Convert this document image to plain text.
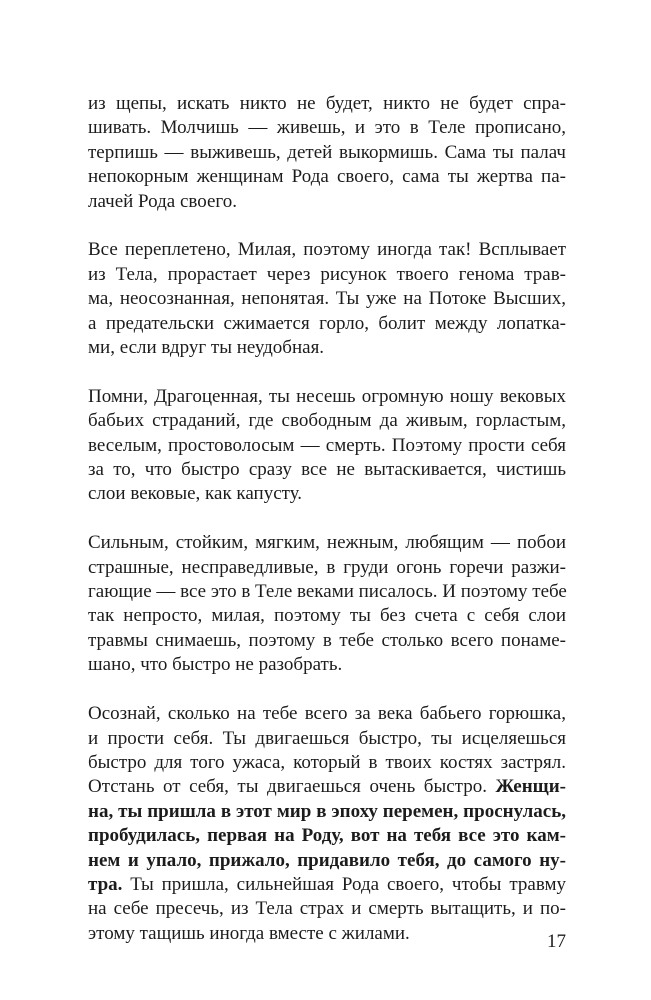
из щепы, искать никто не будет, никто не будет спра-
шивать. Молчишь — живешь, и это в Теле прописано,
терпишь — выживешь, детей выкормишь. Сама ты палач
непокорным женщинам Рода своего, сама ты жертва па-
лачей Рода своего.
Все переплетено, Милая, поэтому иногда так! Всплывает
из Тела, прорастает через рисунок твоего генома трав-
ма, неосознанная, непонятая. Ты уже на Потоке Высших,
а предательски сжимается горло, болит между лопатка-
ми, если вдруг ты неудобная.
Помни, Драгоценная, ты несешь огромную ношу вековых
бабьих страданий, где свободным да живым, горластым,
веселым, простоволосым — смерть. Поэтому прости себя
за то, что быстро сразу все не вытаскивается, чистишь
слои вековые, как капусту.
Сильным, стойким, мягким, нежным, любящим — побои
страшные, несправедливые, в груди огонь горечи разжи-
гающие — все это в Теле веками писалось. И поэтому тебе
так непросто, милая, поэтому ты без счета с себя слои
травмы снимаешь, поэтому в тебе столько всего понаме-
шано, что быстро не разобрать.
Осознай, сколько на тебе всего за века бабьего горюшка,
и прости себя. Ты двигаешься быстро, ты исцеляешься
быстро для того ужаса, который в твоих костях застрял.
Отстань от себя, ты двигаешься очень быстро. Женщи-
на, ты пришла в этот мир в эпоху перемен, проснулась,
пробудилась, первая на Роду, вот на тебя все это кам-
нем и упало, прижало, придавило тебя, до самого ну-
тра. Ты пришла, сильнейшая Рода своего, чтобы травму
на себе пресечь, из Тела страх и смерть вытащить, и по-
этому тащишь иногда вместе с жилами.	17
